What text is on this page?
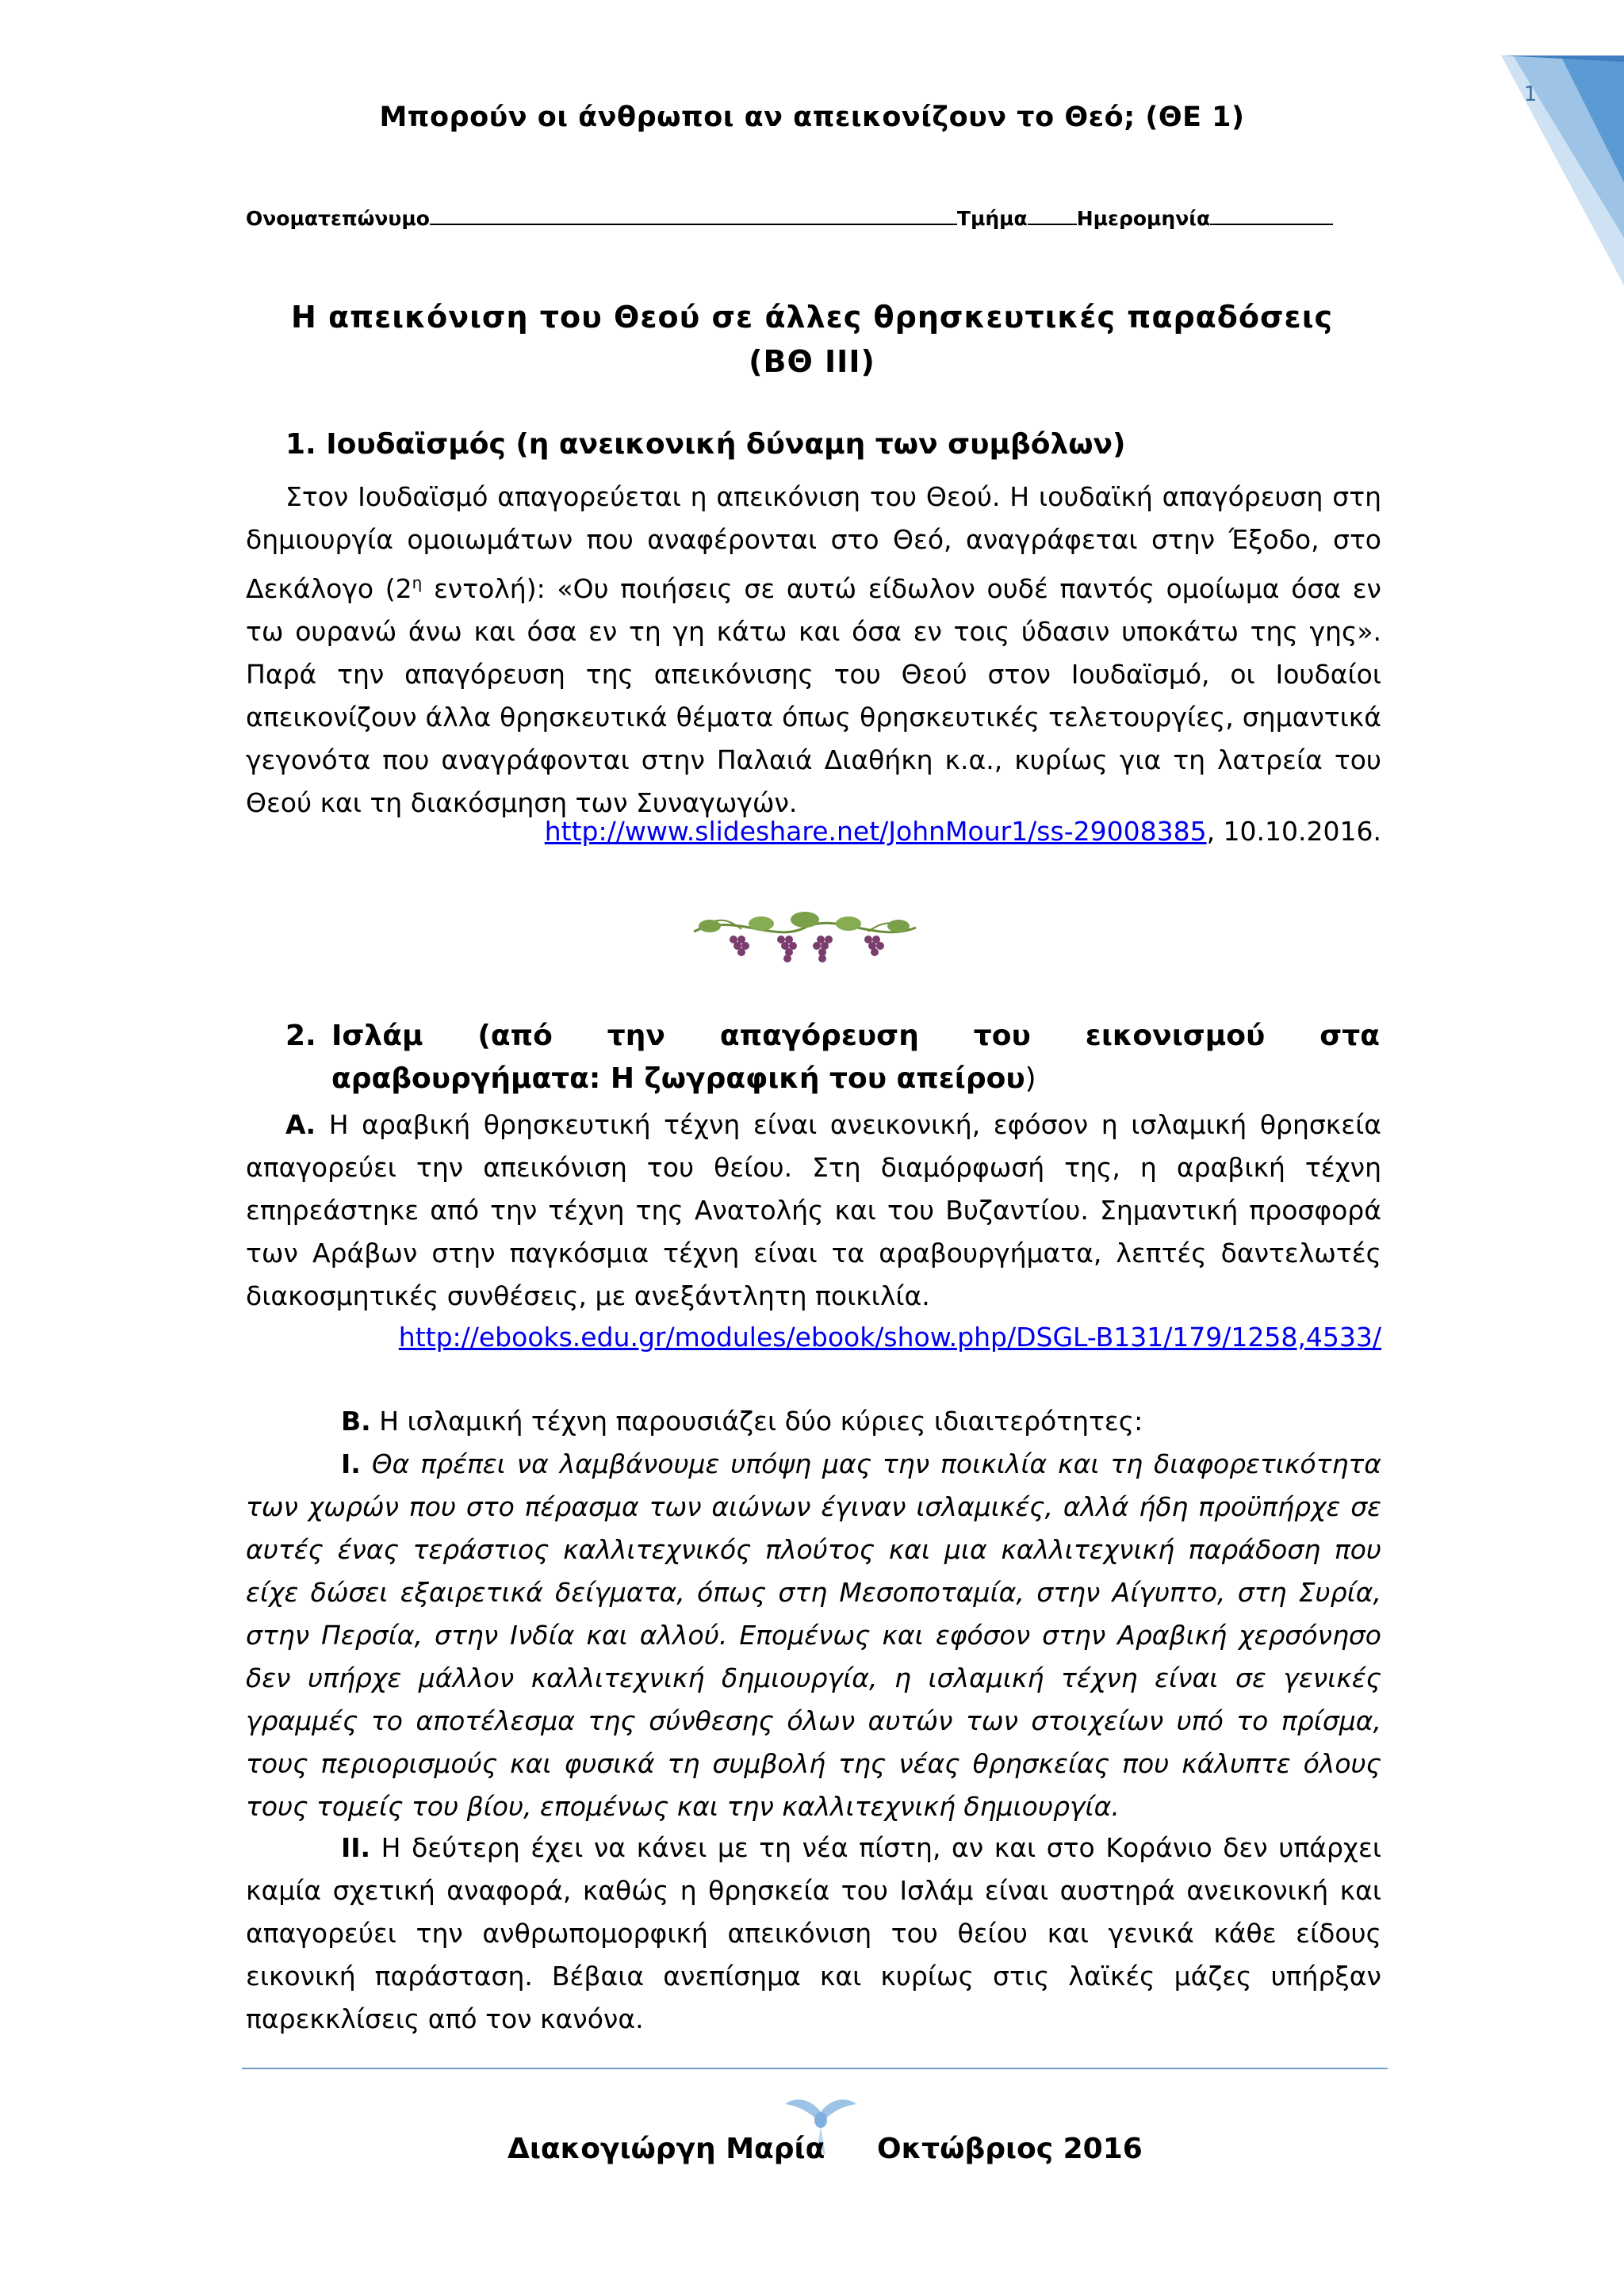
1
Μπορούν οι άνθρωποι αν απεικονίζουν το Θεό; (ΘΕ 1)
Ονοματεπώνυμο	Τμήμα Ημερομηνία
Η απεικόνιση του Θεού σε άλλες θρησκευτικές παραδόσεις
(ΒΘ ΙΙΙ)
1. Ιουδαϊσμός (η ανεικονική δύναμη των συμβόλων)
Στον Ιουδαϊσμό απαγορεύεται η απεικόνιση του Θεού. Η ιουδαϊκή απαγόρευση στη δημιουργία ομοιωμάτων που αναφέρονται στο Θεό, αναγράφεται στην Έξοδο, στο Δεκάλογο ($2^\eta$ εντολή): «Ου ποιήσεις σε αυτώ είδωλον ουδέ παντός ομοίωμα όσα εν τω ουρανώ άνω και όσα εν τη γη κάτω και όσα εν τοις ύδασιν υποκάτω της γης». Παρά την απαγόρευση της απεικόνισης του Θεού στον Ιουδαϊσμό, οι Ιουδαίοι απεικονίζουν άλλα θρησκευτικά θέματα όπως θρησκευτικές τελετουργίες, σημαντικά γεγονότα που αναγράφονται στην Παλαιά Διαθήκη κ.α., κυρίως για τη λατρεία του Θεού και τη διακόσμηση των Συναγωγών.
http://www.slideshare.net/JohnMour1/ss-29008385, 10.10.2016.
2. Ισλάμ (από την απαγόρευση του εικονισμού στα αραβουργήματα: Η ζωγραφική του απείρου)
Α. Η αραβική θρησκευτική τέχνη είναι ανεικονική, εφόσον η ισλαμική θρησκεία απαγορεύει την απεικόνιση του θείου. Στη διαμόρφωσή της, η αραβική τέχνη επηρεάστηκε από την τέχνη της Ανατολής και του Βυζαντίου. Σημαντική προσφορά των Αράβων στην παγκόσμια τέχνη είναι τα αραβουργήματα, λεπτές δαντελωτές διακοσμητικές συνθέσεις, με ανεξάντλητη ποικιλία.
http://ebooks.edu.gr/modules/ebook/show.php/DSGL-B131/179/1258,4533/
Β. Η ισλαμική τέχνη παρουσιάζει δύο κύριες ιδιαιτερότητες:
Ι. Θα πρέπει να λαμβάνουμε υπόψη μας την ποικιλία και τη διαφορετικότητα των χωρών που στο πέρασμα των αιώνων έγιναν ισλαμικές, αλλά ήδη προϋπήρχε σε αυτές ένας τεράστιος καλλιτεχνικός πλούτος και μια καλλιτεχνική παράδοση που είχε δώσει εξαιρετικά δείγματα, όπως στη Μεσοποταμία, στην Αίγυπτο, στη Συρία, στην Περσία, στην Ινδία και αλλού. Επομένως και εφόσον στην Αραβική χερσόνησο δεν υπήρχε μάλλον καλλιτεχνική δημιουργία, η ισλαμική τέχνη είναι σε γενικές γραμμές το αποτέλεσμα της σύνθεσης όλων αυτών των στοιχείων υπό το πρίσμα, τους περιορισμούς και φυσικά τη συμβολή της νέας θρησκείας που κάλυπτε όλους τους τομείς του βίου, επομένως και την καλλιτεχνική δημιουργία.
ΙΙ. Η δεύτερη έχει να κάνει με τη νέα πίστη, αν και στο Κοράνιο δεν υπάρχει καμία σχετική αναφορά, καθώς η θρησκεία του Ισλάμ είναι αυστηρά ανεικονική και απαγορεύει την ανθρωπομορφική απεικόνιση του θείου και γενικά κάθε είδους εικονική παράσταση. Βέβαια ανεπίσημα και κυρίως στις λαϊκές μάζες υπήρξαν παρεκκλίσεις από τον κανόνα.
Διακογιώργη Μαρία Οκτώβριος 2016
